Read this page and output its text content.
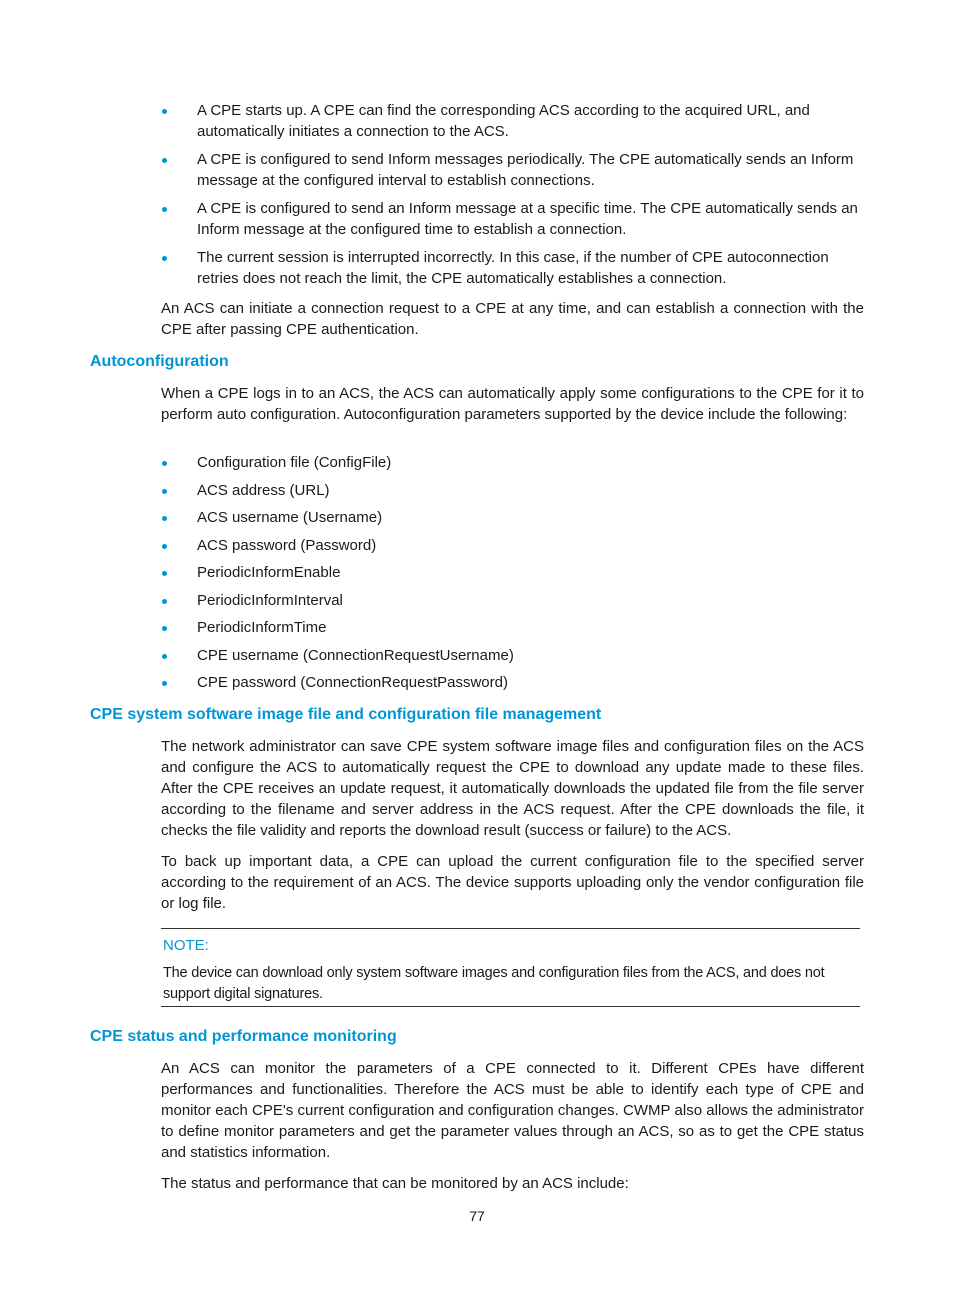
A CPE starts up. A CPE can find the corresponding ACS according to the acquired URL, and automatically initiates a connection to the ACS.
A CPE is configured to send Inform messages periodically. The CPE automatically sends an Inform message at the configured interval to establish connections.
A CPE is configured to send an Inform message at a specific time. The CPE automatically sends an Inform message at the configured time to establish a connection.
The current session is interrupted incorrectly. In this case, if the number of CPE autoconnection retries does not reach the limit, the CPE automatically establishes a connection.

An ACS can initiate a connection request to a CPE at any time, and can establish a connection with the CPE after passing CPE authentication.

Autoconfiguration

When a CPE logs in to an ACS, the ACS can automatically apply some configurations to the CPE for it to perform auto configuration. Autoconfiguration parameters supported by the device include the following:

Configuration file (ConfigFile)
ACS address (URL)
ACS username (Username)
ACS password (Password)
PeriodicInformEnable
PeriodicInformInterval
PeriodicInformTime
CPE username (ConnectionRequestUsername)
CPE password (ConnectionRequestPassword)
CPE system software image file and configuration file management

The network administrator can save CPE system software image files and configuration files on the ACS and configure the ACS to automatically request the CPE to download any update made to these files. After the CPE receives an update request, it automatically downloads the updated file from the file server according to the filename and server address in the ACS request. After the CPE downloads the file, it checks the file validity and reports the download result (success or failure) to the ACS.

To back up important data, a CPE can upload the current configuration file to the specified server according to the requirement of an ACS. The device supports uploading only the vendor configuration file or log file.

NOTE:
The device can download only system software images and configuration files from the ACS, and does not support digital signatures.
CPE status and performance monitoring

An ACS can monitor the parameters of a CPE connected to it. Different CPEs have different performances and functionalities. Therefore the ACS must be able to identify each type of CPE and monitor each CPE's current configuration and configuration changes. CWMP also allows the administrator to define monitor parameters and get the parameter values through an ACS, so as to get the CPE status and statistics information.

The status and performance that can be monitored by an ACS include:

77
